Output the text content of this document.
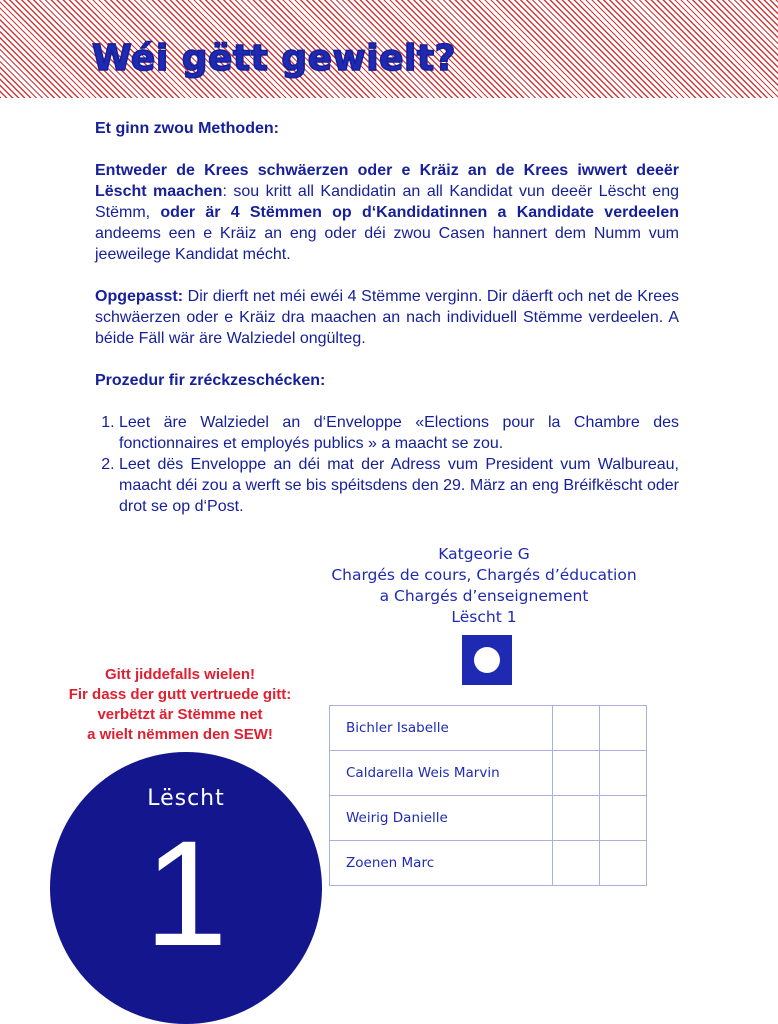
Wéi gëtt gewielt?

Et ginn zwou Methoden:

Entweder de Krees schwäerzen oder e Kräiz an de Krees iwwert deeër Lëscht maachen: sou kritt all Kandidatin an all Kandidat vun deeër Lëscht eng Stëmm, oder är 4 Stëmmen op d‘Kandidatinnen a Kandidate verdeelen andeems een e Kräiz an eng oder déi zwou Casen hannert dem Numm vum jeeweilege Kandidat mécht.

Opgepasst: Dir dierft net méi ewéi 4 Stëmme verginn. Dir däerft och net de Krees schwäerzen oder e Kräiz dra maachen an nach individuell Stëmme verdeelen. A béide Fäll wär äre Walziedel ongülteg.

Prozedur fir zréckzeschécken:

1. Leet äre Walziedel an d‘Enveloppe «Elections pour la Chambre des fonctionnaires et employés publics » a maacht se zou.
2. Leet dës Enveloppe an déi mat der Adress vum President vum Walbureau, maacht déi zou a werft se bis spéitsdens den 29. März an eng Bréifkëscht oder drot se op d‘Post.
Katgeorie G
Chargés de cours, Chargés d’éducation
a Chargés d’enseignement
Lëscht 1
Bichler Isabelle		
Caldarella Weis Marvin		
Weirig Danielle		
Zoenen Marc		
Gitt jiddefalls wielen!
Fir dass der gutt vertruede gitt:
verbëtzt är Stëmme net
a wielt nëmmen den SEW!
Lëscht
1
